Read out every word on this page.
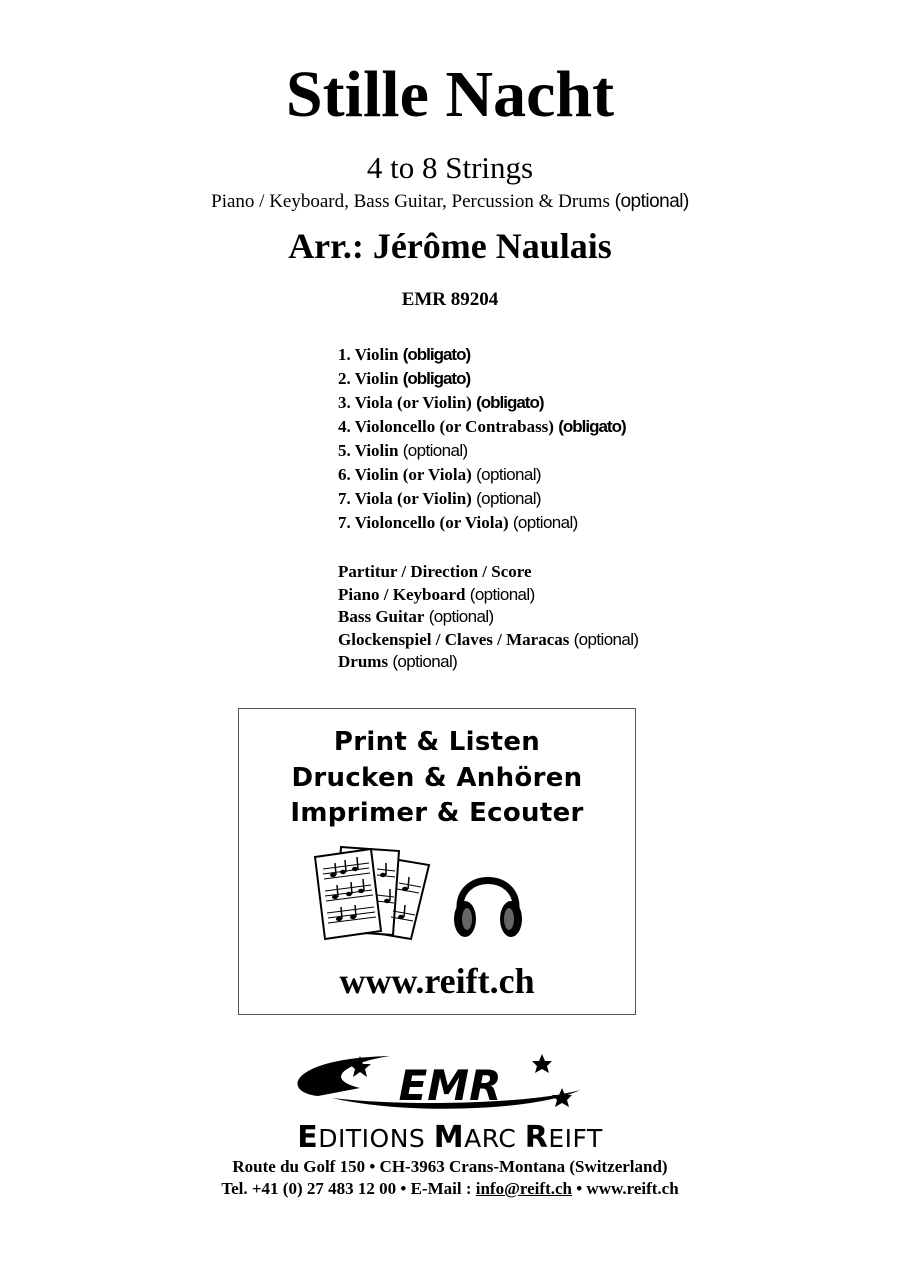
Stille Nacht
4 to 8 Strings
Piano / Keyboard, Bass Guitar, Percussion & Drums (optional)
Arr.: Jérôme Naulais
EMR 89204
1. Violin (obligato)
2. Violin (obligato)
3. Viola (or Violin) (obligato)
4. Violoncello (or Contrabass) (obligato)
5. Violin (optional)
6. Violin (or Viola) (optional)
7. Viola (or Violin) (optional)
7. Violoncello (or Viola) (optional)
Partitur / Direction / Score
Piano / Keyboard (optional)
Bass Guitar (optional)
Glockenspiel / Claves / Maracas (optional)
Drums (optional)
Print & Listen
Drucken & Anhören
Imprimer & Ecouter
www.reift.ch
EMR
EDITIONS MARC REIFT
Route du Golf 150 • CH-3963 Crans-Montana (Switzerland)
Tel. +41 (0) 27 483 12 00 • E-Mail : info@reift.ch • www.reift.ch
